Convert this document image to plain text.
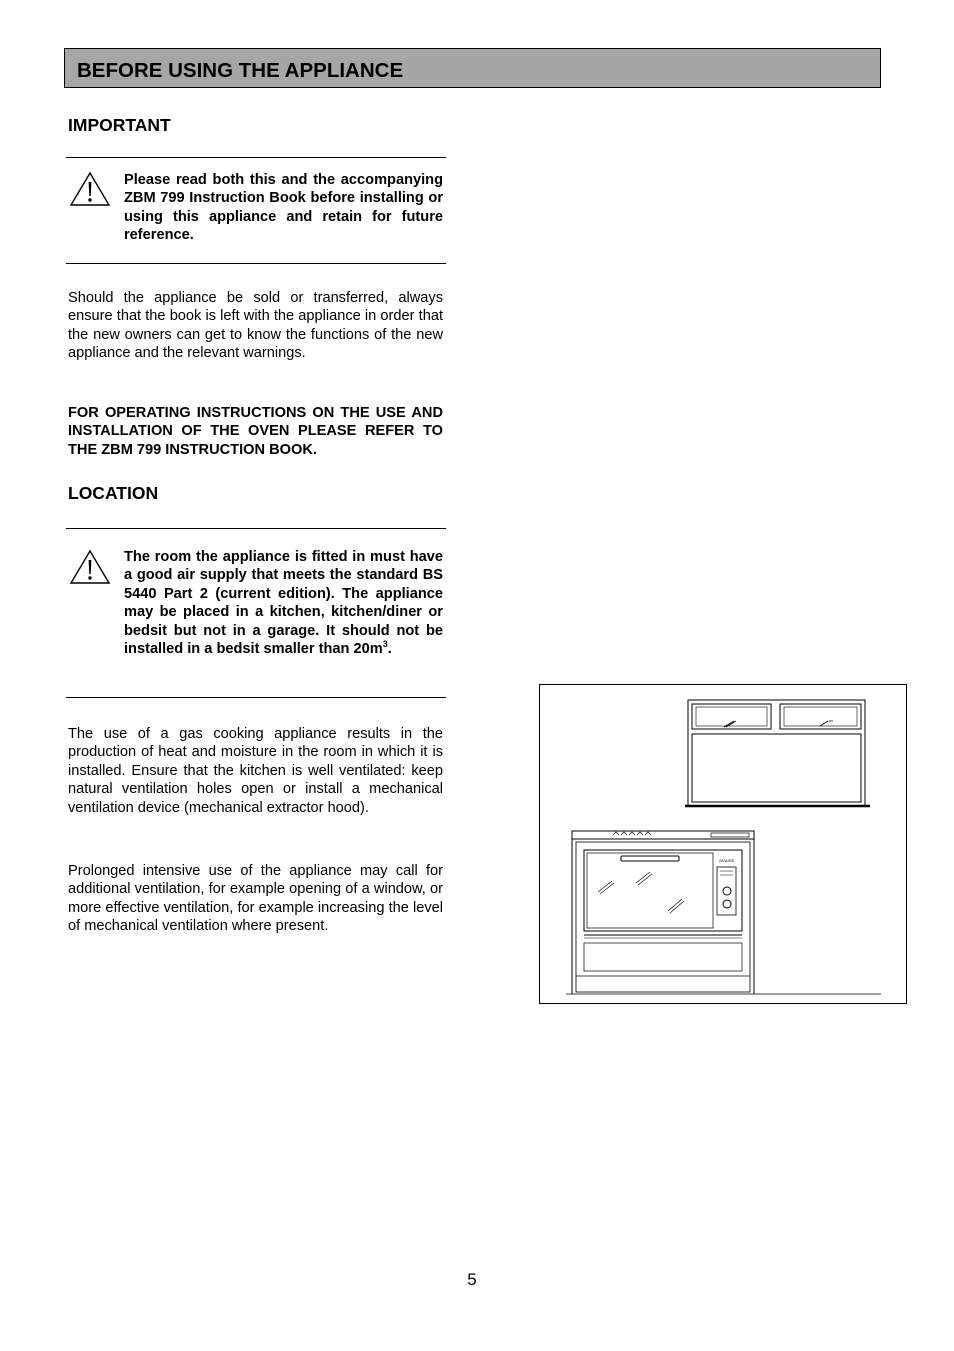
BEFORE USING THE APPLIANCE
IMPORTANT
Please read both this and the accompanying ZBM 799 Instruction Book before installing or using this appliance and retain for future reference.
Should the appliance be sold or transferred, always ensure that the book is left with the appliance in order that the new owners can get to know the functions of the new appliance and the relevant warnings.
FOR OPERATING INSTRUCTIONS ON THE USE AND INSTALLATION OF THE OVEN PLEASE REFER TO THE ZBM 799 INSTRUCTION BOOK.
LOCATION
The room the appliance is fitted in must have a good air supply that meets the standard BS 5440 Part 2 (current edition). The appliance may be placed in a kitchen, kitchen/diner or bedsit but not in a garage. It should not be installed in a bedsit smaller than $20m^3$.
The use of a gas cooking appliance results in the production of heat and moisture in the room in which it is installed. Ensure that the kitchen is well ventilated: keep natural ventilation holes open or install a mechanical ventilation device (mechanical extractor hood).
Prolonged intensive use of the appliance may call for additional ventilation, for example opening of a window, or more effective ventilation, for example increasing the level of mechanical ventilation where present.
ZANUSSI
5
